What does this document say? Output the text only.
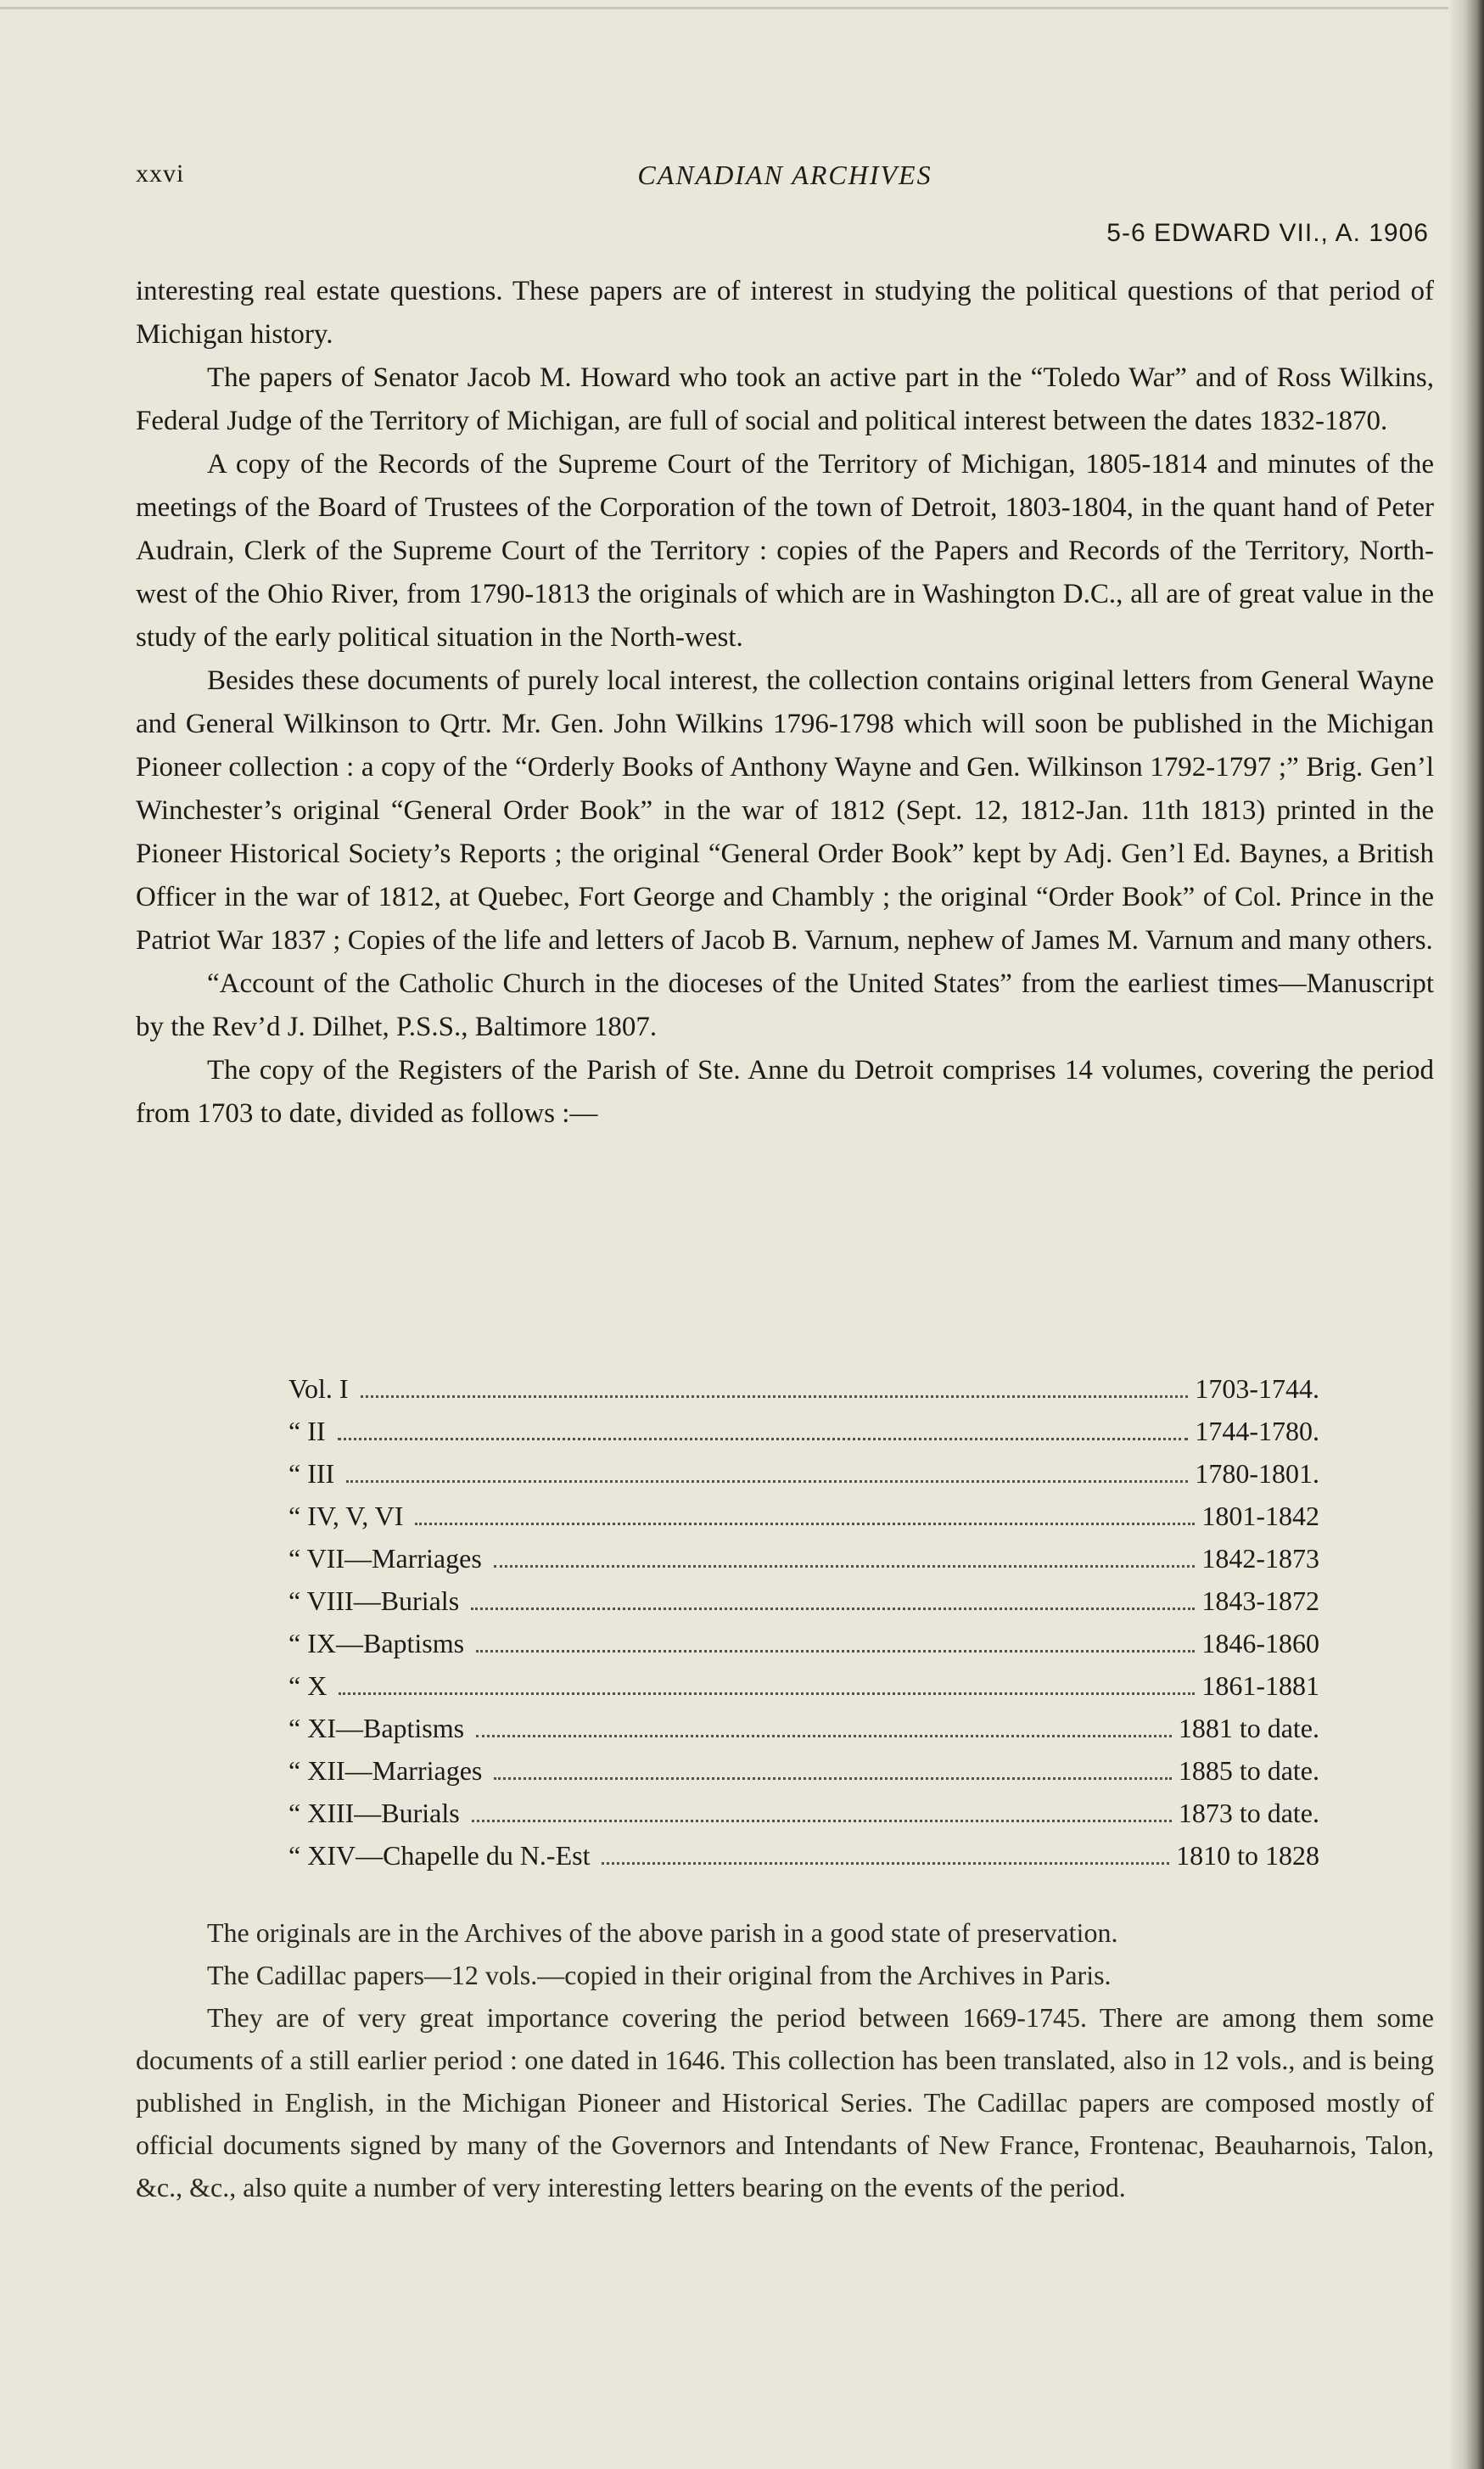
xxvi	CANADIAN ARCHIVES
5-6 EDWARD VII., A. 1906

interesting real estate questions. These papers are of interest in studying the political questions of that period of Michigan history.

The papers of Senator Jacob M. Howard who took an active part in the “Toledo War” and of Ross Wilkins, Federal Judge of the Territory of Michigan, are full of social and political interest between the dates 1832-1870.

A copy of the Records of the Supreme Court of the Territory of Michigan, 1805-1814 and minutes of the meetings of the Board of Trustees of the Corporation of the town of Detroit, 1803-1804, in the quant hand of Peter Audrain, Clerk of the Supreme Court of the Territory : copies of the Papers and Records of the Territory, North-west of the Ohio River, from 1790-1813 the originals of which are in Washington D.C., all are of great value in the study of the early political situation in the North-west.

Besides these documents of purely local interest, the collection contains original letters from General Wayne and General Wilkinson to Qrtr. Mr. Gen. John Wilkins 1796-1798 which will soon be published in the Michigan Pioneer collection : a copy of the “Orderly Books of Anthony Wayne and Gen. Wilkinson 1792-1797 ;” Brig. Gen’l Winchester’s original “General Order Book” in the war of 1812 (Sept. 12, 1812-Jan. 11th 1813) printed in the Pioneer Historical Society’s Reports ; the original “General Order Book” kept by Adj. Gen’l Ed. Baynes, a British Officer in the war of 1812, at Quebec, Fort George and Chambly ; the original “Order Book” of Col. Prince in the Patriot War 1837 ; Copies of the life and letters of Jacob B. Varnum, nephew of James M. Varnum and many others.

“Account of the Catholic Church in the dioceses of the United States” from the earliest times—Manuscript by the Rev’d J. Dilhet, P.S.S., Baltimore 1807.

The copy of the Registers of the Parish of Ste. Anne du Detroit comprises 14 volumes, covering the period from 1703 to date, divided as follows :—

Vol. I	1703-1744.
“ II	1744-1780.
“ III	1780-1801.
“ IV, V, VI	1801-1842
“ VII—Marriages	1842-1873
“ VIII—Burials	1843-1872
“ IX—Baptisms	1846-1860
“ X	1861-1881
“ XI—Baptisms	1881 to date.
“ XII—Marriages	1885 to date.
“ XIII—Burials	1873 to date.
“ XIV—Chapelle du N.-Est	1810 to 1828

The originals are in the Archives of the above parish in a good state of preservation.

The Cadillac papers—12 vols.—copied in their original from the Archives in Paris.

They are of very great importance covering the period between 1669-1745. There are among them some documents of a still earlier period : one dated in 1646. This collection has been translated, also in 12 vols., and is being published in English, in the Michigan Pioneer and Historical Series. The Cadillac papers are composed mostly of official documents signed by many of the Governors and Intendants of New France, Frontenac, Beauharnois, Talon, &c., &c., also quite a number of very interesting letters bearing on the events of the period.
